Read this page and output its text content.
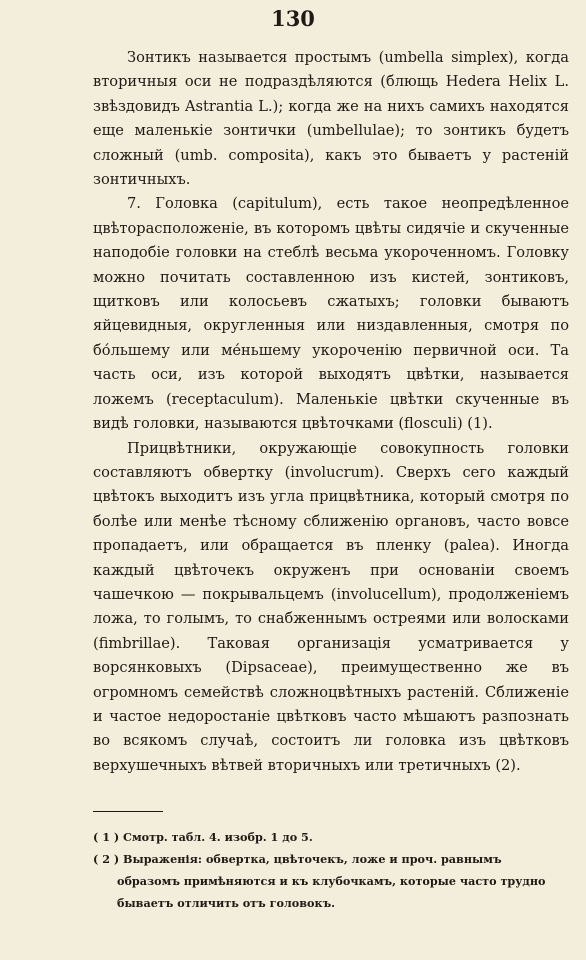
130

Зонтикъ называется простымъ (umbella simplex), когда вторичныя оси не подраздѣляются (блющь Hedera Helix L. звѣздовидъ Astrantia L.); когда же на нихъ самихъ находятся еще маленькіе зонтички (umbellulae); то зонтикъ будетъ сложный (umb. composita), какъ это бываетъ у растеній зонтичныхъ.

7. Головка (capitulum), есть такое неопредѣленное цвѣторасположеніе, въ которомъ цвѣты сидячіе и скученные наподобіе головки на стеблѣ весьма укороченномъ. Головку можно почитать составленною изъ кистей, зонтиковъ, щитковъ или колосьевъ сжатыхъ; головки бываютъ яйцевидныя, округленныя или низдавленныя, смотря по бо́льшему или ме́ньшему укороченію первичной оси. Та часть оси, изъ которой выходятъ цвѣтки, называется ложемъ (receptaculum). Маленькіе цвѣтки скученные въ видѣ головки, называются цвѣточками (flosculi) (1).

Прицвѣтники, окружающіе совокупность головки составляютъ обвертку (involucrum). Сверхъ сего каждый цвѣтокъ выходитъ изъ угла прицвѣтника, который смотря по болѣе или менѣе тѣсному сближенію органовъ, часто вовсе пропадаетъ, или обращается въ пленку (palea). Иногда каждый цвѣточекъ окруженъ при основаніи своемъ чашечкою — покрывальцемъ (involucellum), продолженіемъ ложа, то голымъ, то снабженнымъ остреями или волосками (fimbrillae). Таковая организація усматривается у ворсянковыхъ (Dipsaceae), преимущественно же въ огромномъ семействѣ сложноцвѣтныхъ растеній. Сближеніе и частое недоростаніе цвѣтковъ часто мѣшаютъ разпознать во всякомъ случаѣ, состоитъ ли головка изъ цвѣтковъ верхушечныхъ вѣтвей вторичныхъ или третичныхъ (2).

( 1 ) Смотр. табл. 4. изобр. 1 до 5.

( 2 ) Выраженія: обвертка, цвѣточекъ, ложе и проч. равнымъ

образомъ примѣняются и къ клубочкамъ, которые часто трудно

бываетъ отличить отъ головокъ.
